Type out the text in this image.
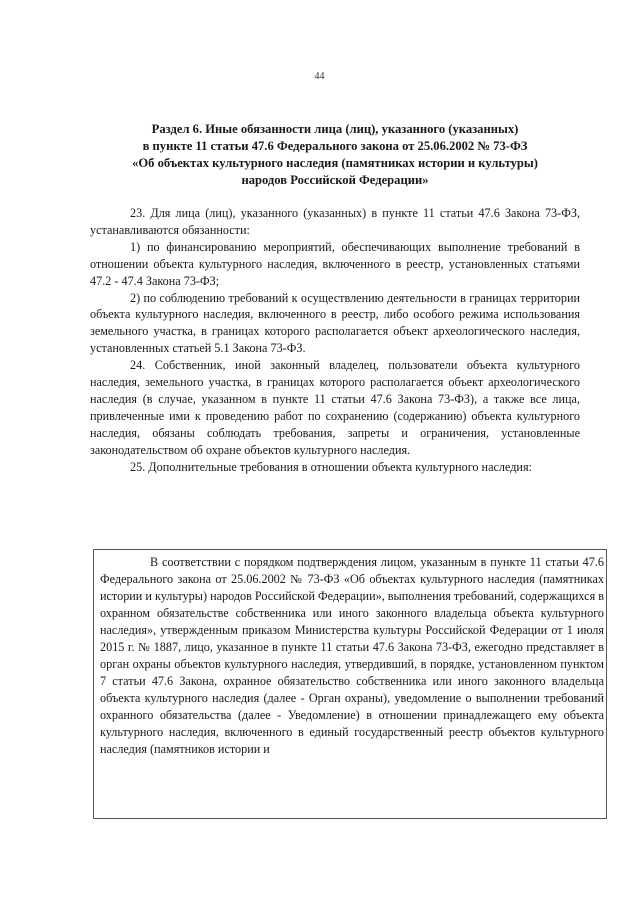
44
Раздел 6. Иные обязанности лица (лиц), указанного (указанных)
в пункте 11 статьи 47.6 Федерального закона от 25.06.2002 № 73-ФЗ
«Об объектах культурного наследия (памятниках истории и культуры)
народов Российской Федерации»

23. Для лица (лиц), указанного (указанных) в пункте 11 статьи 47.6 Закона 73-ФЗ, устанавливаются обязанности:

1) по финансированию мероприятий, обеспечивающих выполнение требований в отношении объекта культурного наследия, включенного в реестр, установленных статьями 47.2 - 47.4 Закона 73-ФЗ;

2) по соблюдению требований к осуществлению деятельности в границах территории объекта культурного наследия, включенного в реестр, либо особого режима использования земельного участка, в границах которого располагается объект археологического наследия, установленных статьей 5.1 Закона 73-ФЗ.

24. Собственник, иной законный владелец, пользователи объекта культурного наследия, земельного участка, в границах которого располагается объект археологического наследия (в случае, указанном в пункте 11 статьи 47.6 Закона 73-ФЗ), а также все лица, привлеченные ими к проведению работ по сохранению (содержанию) объекта культурного наследия, обязаны соблюдать требования, запреты и ограничения, установленные законодательством об охране объектов культурного наследия.

25. Дополнительные требования в отношении объекта культурного наследия:

В соответствии с порядком подтверждения лицом, указанным в пункте 11 статьи 47.6 Федерального закона от 25.06.2002 № 73-ФЗ «Об объектах культурного наследия (памятниках истории и культуры) народов Российской Федерации», выполнения требований, содержащихся в охранном обязательстве собственника или иного законного владельца объекта культурного наследия», утвержденным приказом Министерства культуры Российской Федерации от 1 июля 2015 г. № 1887, лицо, указанное в пункте 11 статьи 47.6 Закона 73-ФЗ, ежегодно представляет в орган охраны объектов культурного наследия, утвердивший, в порядке, установленном пунктом 7 статьи 47.6 Закона, охранное обязательство собственника или иного законного владельца объекта культурного наследия (далее - Орган охраны), уведомление о выполнении требований охранного обязательства (далее - Уведомление) в отношении принадлежащего ему объекта культурного наследия, включенного в единый государственный реестр объектов культурного наследия (памятников истории и
